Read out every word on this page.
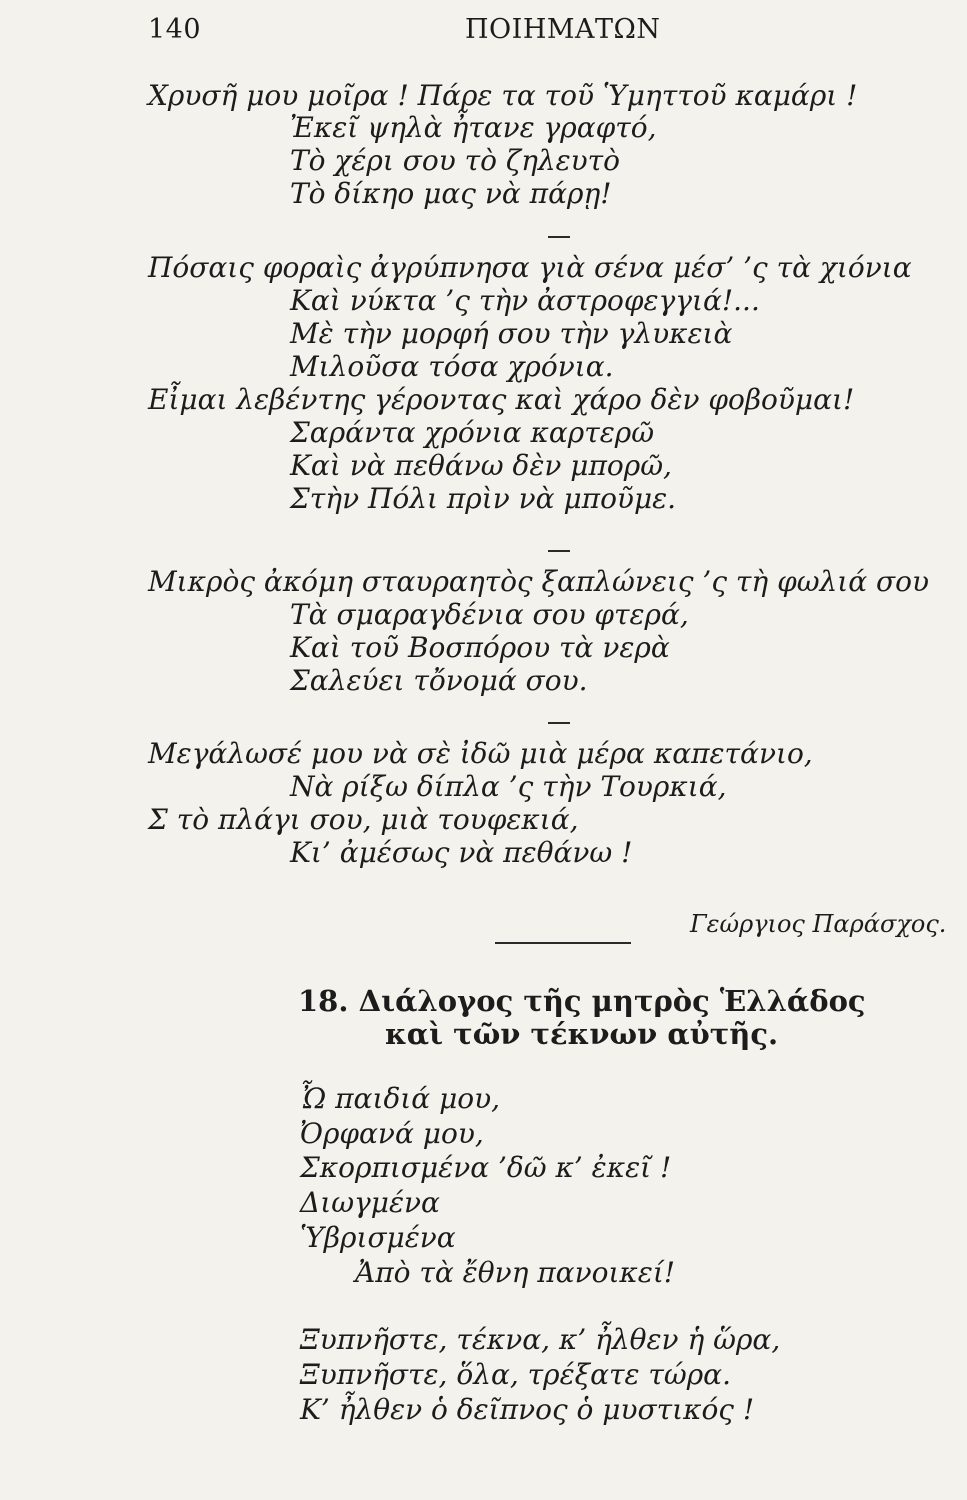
140	ΠΟΙΗΜΑΤΩΝ
Χρυσῆ μου μοῖρα ! Πάρε τα τοῦ Ὑμηττοῦ καμάρι !
Ἐκεῖ ψηλὰ ἦτανε γραφτό,
Τὸ χέρι σου τὸ ζηλευτὸ
Τὸ δίκηο μας νὰ πάρῃ!
Πόσαις φοραὶς ἀγρύπνησα γιὰ σένα μέσ’ ’ς τὰ χιόνια
Καὶ νύκτα ’ς τὴν ἀστροφεγγιά!...
Μὲ τὴν μορφή σου τὴν γλυκειὰ
Μιλοῦσα τόσα χρόνια.
Εἶμαι λεβέντης γέροντας καὶ χάρο δὲν φοβοῦμαι!
Σαράντα χρόνια καρτερῶ
Καὶ νὰ πεθάνω δὲν μπορῶ,
Στὴν Πόλι πρὶν νὰ μποῦμε.
Μικρὸς ἀκόμη σταυραητὸς ξαπλώνεις ’ς τὴ φωλιά σου
Τὰ σμαραγδένια σου φτερά,
Καὶ τοῦ Βοσπόρου τὰ νερὰ
Σαλεύει τὄνομά σου.
Μεγάλωσέ μου νὰ σὲ ἰδῶ μιὰ μέρα καπετάνιο,
Νὰ ρίξω δίπλα ’ς τὴν Τουρκιά,
Σ τὸ πλάγι σου, μιὰ τουφεκιά,
Κι’ ἀμέσως νὰ πεθάνω !
Γεώργιος Παράσχος.
18. Διάλογος τῆς μητρὸς Ἑλλάδος
καὶ τῶν τέκνων αὐτῆς.
Ὦ παιδιά μου,
Ὀρφανά μου,
Σκορπισμένα ’δῶ κ’ ἐκεῖ !
Διωγμένα
Ὑβρισμένα
Ἀπὸ τὰ ἔθνη πανοικεί!
Ξυπνῆστε, τέκνα, κ’ ἦλθεν ἡ ὥρα,
Ξυπνῆστε, ὅλα, τρέξατε τώρα.
Κ’ ἦλθεν ὁ δεῖπνος ὁ μυστικός !
